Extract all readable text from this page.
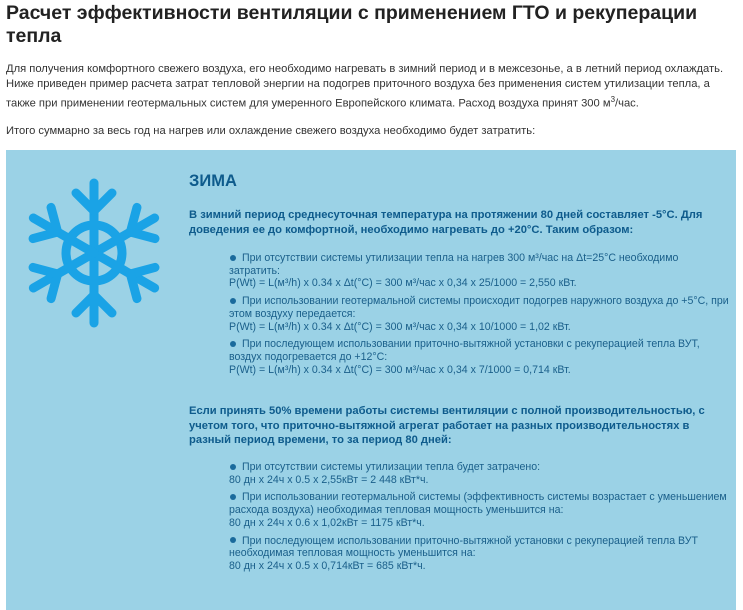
Расчет эффективности вентиляции с применением ГТО и рекуперации тепла

Для получения комфортного свежего воздуха, его необходимо нагревать в зимний период и в межсезонье, а в летний период охлаждать. Ниже приведен пример расчета затрат тепловой энергии на подогрев приточного воздуха без применения систем утилизации тепла, а также при применении геотермальных систем для умеренного Европейского климата. Расход воздуха принят 300 $м^3$/час.

Итого суммарно за весь год на нагрев или охлаждение свежего воздуха необходимо будет затратить:

ЗИМА

В зимний период среднесуточная температура на протяжении 80 дней составляет -5°С. Для доведения ее до комфортной, необходимо нагревать до +20°С. Таким образом:

При отсутствии системы утилизации тепла на нагрев 300 м³/час на Δt=25°C необходимо затратить:
P(Wt) = L(м³/h) x 0.34 x Δt(°C) = 300 м³/час x 0,34 x 25/1000 = 2,550 кВт.
При использовании геотермальной системы происходит подогрев наружного воздуха до +5°C, при этом воздуху передается:
P(Wt) = L(м³/h) x 0.34 x Δt(°C) = 300 м³/час x 0,34 x 10/1000 = 1,02 кВт.
При последующем использовании приточно-вытяжной установки с рекуперацией тепла ВУТ, воздух подогревается до +12°С:
P(Wt) = L(м³/h) x 0.34 x Δt(°C) = 300 м³/час x 0,34 x 7/1000 = 0,714 кВт.

Если принять 50% времени работы системы вентиляции с полной производительностью, с учетом того, что приточно-вытяжной агрегат работает на разных производительностях в разный период времени, то за период 80 дней:

При отсутствии системы утилизации тепла будет затрачено:
80 дн x 24ч x 0.5 x 2,55кВт = 2 448 кВт*ч.
При использовании геотермальной системы (эффективность системы возрастает с уменьшением расхода воздуха) необходимая тепловая мощность уменьшится на:
80 дн x 24ч x 0.6 x 1,02кВт = 1175 кВт*ч.
При последующем использовании приточно-вытяжной установки с рекуперацией тепла ВУТ необходимая тепловая мощность уменьшится на:
80 дн x 24ч x 0.5 x 0,714кВт = 685 кВт*ч.
